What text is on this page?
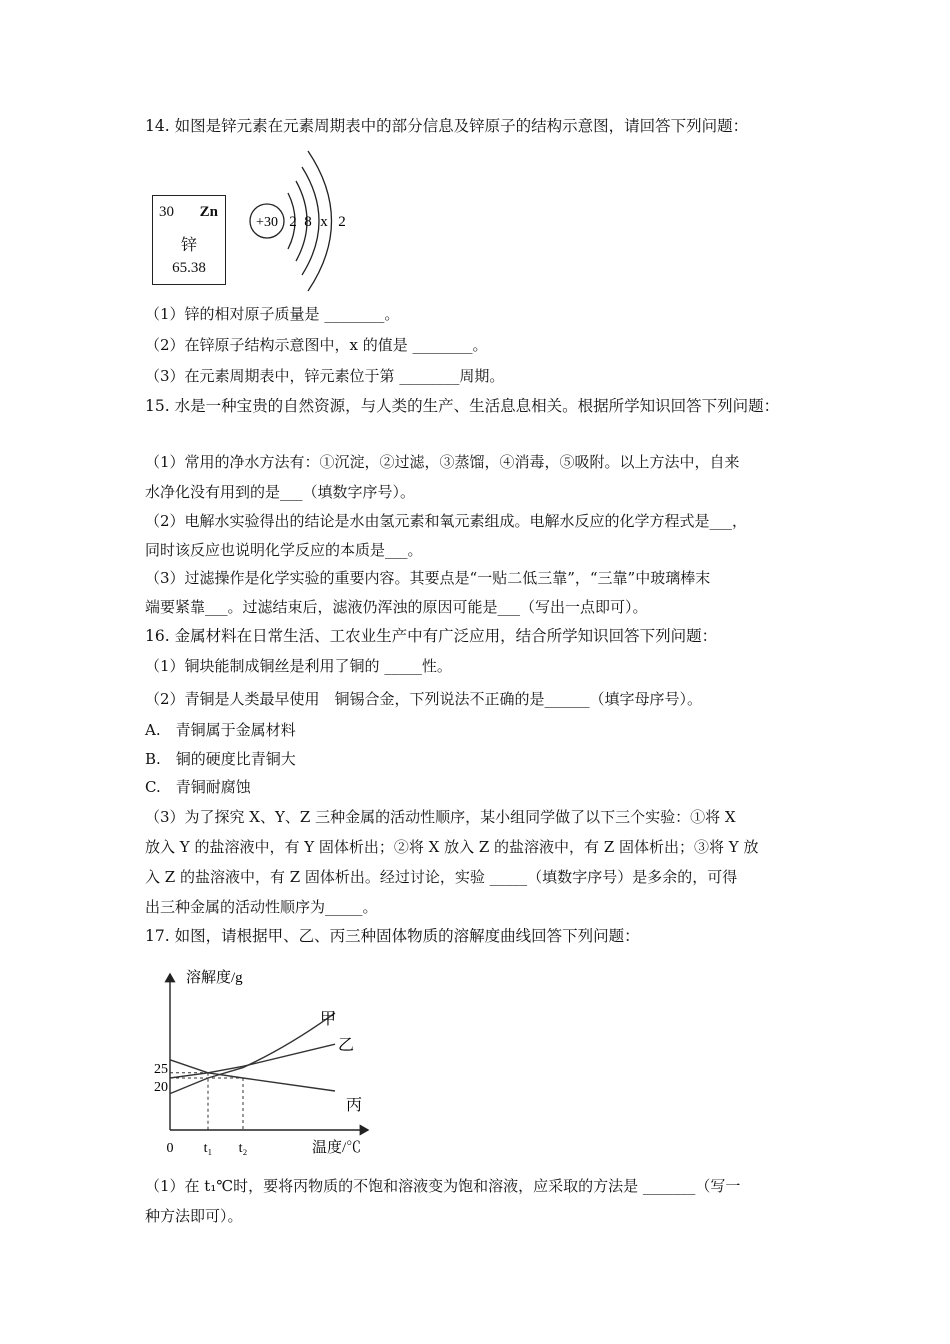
14. 如图是锌元素在元素周期表中的部分信息及锌原子的结构示意图，请回答下列问题：
30 Zn
锌
65.38
+30 2 8 x 2
（1）锌的相对原子质量是 ________。
（2）在锌原子结构示意图中，x 的值是 ________。
（3）在元素周期表中，锌元素位于第 ________周期。
15. 水是一种宝贵的自然资源，与人类的生产、生活息息相关。根据所学知识回答下列问题：
（1）常用的净水方法有：①沉淀，②过滤，③蒸馏，④消毒，⑤吸附。以上方法中，自来
水净化没有用到的是___（填数字序号）。
（2）电解水实验得出的结论是水由氢元素和氧元素组成。电解水反应的化学方程式是___，
同时该反应也说明化学反应的本质是___。
（3）过滤操作是化学实验的重要内容。其要点是“一贴二低三靠”，“三靠”中玻璃棒末
端要紧靠___。过滤结束后，滤液仍浑浊的原因可能是___（写出一点即可）。
16. 金属材料在日常生活、工农业生产中有广泛应用，结合所学知识回答下列问题：
（1）铜块能制成铜丝是利用了铜的 _____性。
（2）青铜是人类最早使用　铜锡合金，下列说法不正确的是______（填字母序号）。
A.　青铜属于金属材料
B.　铜的硬度比青铜大
C.　青铜耐腐蚀
（3）为了探究 X、Y、Z 三种金属的活动性顺序，某小组同学做了以下三个实验：①将 X
放入 Y 的盐溶液中，有 Y 固体析出；②将 X 放入 Z 的盐溶液中，有 Z 固体析出；③将 Y 放
入 Z 的盐溶液中，有 Z 固体析出。经过讨论，实验 _____（填数字序号）是多余的，可得
出三种金属的活动性顺序为_____。
17. 如图，请根据甲、乙、丙三种固体物质的溶解度曲线回答下列问题：
溶解度/g
温度/℃
0 t₁ t₂
20
25
甲
乙
丙
（1）在 t₁℃时，要将丙物质的不饱和溶液变为饱和溶液，应采取的方法是 _______（写一
种方法即可）。
